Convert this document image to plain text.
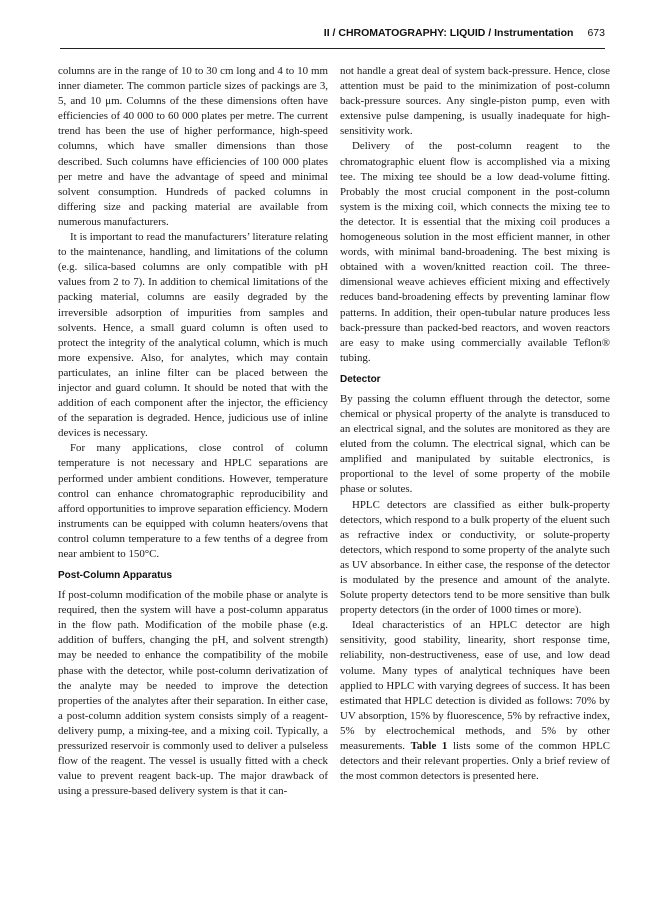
II / CHROMATOGRAPHY: LIQUID / Instrumentation 673

columns are in the range of 10 to 30 cm long and 4 to 10 mm inner diameter. The common particle sizes of packings are 3, 5, and 10 μm. Columns of the these dimensions often have efficiencies of 40 000 to 60 000 plates per metre. The current trend has been the use of higher performance, high-speed columns, which have smaller dimensions than those described. Such columns have efficiencies of 100 000 plates per metre and have the advantage of speed and minimal solvent consumption. Hundreds of packed columns in differing size and packing material are available from numerous manufacturers.

It is important to read the manufacturers’ literature relating to the maintenance, handling, and limitations of the column (e.g. silica-based columns are only compatible with pH values from 2 to 7). In addition to chemical limitations of the packing material, columns are easily degraded by the irreversible adsorption of impurities from samples and solvents. Hence, a small guard column is often used to protect the integrity of the analytical column, which is much more expensive. Also, for analytes, which may contain particulates, an inline filter can be placed between the injector and guard column. It should be noted that with the addition of each component after the injector, the efficiency of the separation is degraded. Hence, judicious use of inline devices is necessary.

For many applications, close control of column temperature is not necessary and HPLC separations are performed under ambient conditions. However, temperature control can enhance chromatographic reproducibility and afford opportunities to improve separation efficiency. Modern instruments can be equipped with column heaters/ovens that control column temperature to a few tenths of a degree from near ambient to 150°C.

Post-Column Apparatus

If post-column modification of the mobile phase or analyte is required, then the system will have a post-column apparatus in the flow path. Modification of the mobile phase (e.g. addition of buffers, changing the pH, and solvent strength) may be needed to enhance the compatibility of the mobile phase with the detector, while post-column derivatization of the analyte may be needed to improve the detection properties of the analytes after their separation. In either case, a post-column addition system consists simply of a reagent-delivery pump, a mixing-tee, and a mixing coil. Typically, a pressurized reservoir is commonly used to deliver a pulseless flow of the reagent. The vessel is usually fitted with a check value to prevent reagent back-up. The major drawback of using a pressure-based delivery system is that it can-

not handle a great deal of system back-pressure. Hence, close attention must be paid to the minimization of post-column back-pressure sources. Any single-piston pump, even with extensive pulse dampening, is usually inadequate for high-sensitivity work.

Delivery of the post-column reagent to the chromatographic eluent flow is accomplished via a mixing tee. The mixing tee should be a low dead-volume fitting. Probably the most crucial component in the post-column system is the mixing coil, which connects the mixing tee to the detector. It is essential that the mixing coil produces a homogeneous solution in the most efficient manner, in other words, with minimal band-broadening. The best mixing is obtained with a woven/knitted reaction coil. The three-dimensional weave achieves efficient mixing and effectively reduces band-broadening effects by preventing laminar flow patterns. In addition, their open-tubular nature produces less back-pressure than packed-bed reactors, and woven reactors are easy to make using commercially available Teflon® tubing.

Detector

By passing the column effluent through the detector, some chemical or physical property of the analyte is transduced to an electrical signal, and the solutes are monitored as they are eluted from the column. The electrical signal, which can be amplified and manipulated by suitable electronics, is proportional to the level of some property of the mobile phase or solutes.

HPLC detectors are classified as either bulk-property detectors, which respond to a bulk property of the eluent such as refractive index or conductivity, or solute-property detectors, which respond to some property of the analyte such as UV absorbance. In either case, the response of the detector is modulated by the presence and amount of the analyte. Solute property detectors tend to be more sensitive than bulk property detectors (in the order of 1000 times or more).

Ideal characteristics of an HPLC detector are high sensitivity, good stability, linearity, short response time, reliability, non-destructiveness, ease of use, and low dead volume. Many types of analytical techniques have been applied to HPLC with varying degrees of success. It has been estimated that HPLC detection is divided as follows: 70% by UV absorption, 15% by fluorescence, 5% by refractive index, 5% by electrochemical methods, and 5% by other measurements. Table 1 lists some of the common HPLC detectors and their relevant properties. Only a brief review of the most common detectors is presented here.
